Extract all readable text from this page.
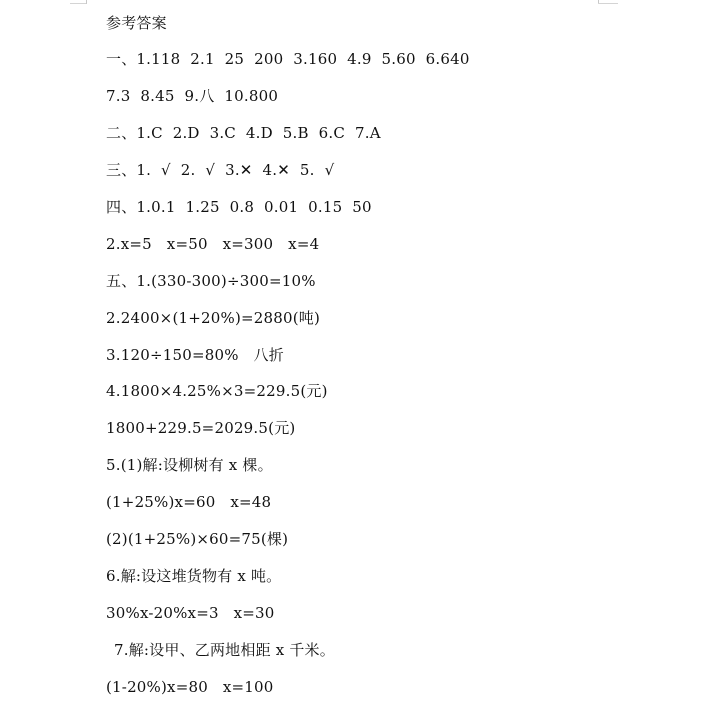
参考答案
一、1.118  2.1  25  200  3.160  4.9  5.60  6.640
7.3  8.45  9.八  10.800
二、1.C  2.D  3.C  4.D  5.B  6.C  7.A
三、1.  √  2.  √  3.✕  4.✕  5.  √
四、1.0.1  1.25  0.8  0.01  0.15  50
2.x=5   x=50   x=300   x=4
五、1.(330-300)÷300=10%
2.2400×(1+20%)=2880(吨)
3.120÷150=80%   八折
4.1800×4.25%×3=229.5(元)
1800+229.5=2029.5(元)
5.(1)解:设柳树有 x 棵。
(1+25%)x=60   x=48
(2)(1+25%)×60=75(棵)
6.解:设这堆货物有 x 吨。
30%x-20%x=3   x=30
7.解:设甲、乙两地相距 x 千米。
(1-20%)x=80   x=100
